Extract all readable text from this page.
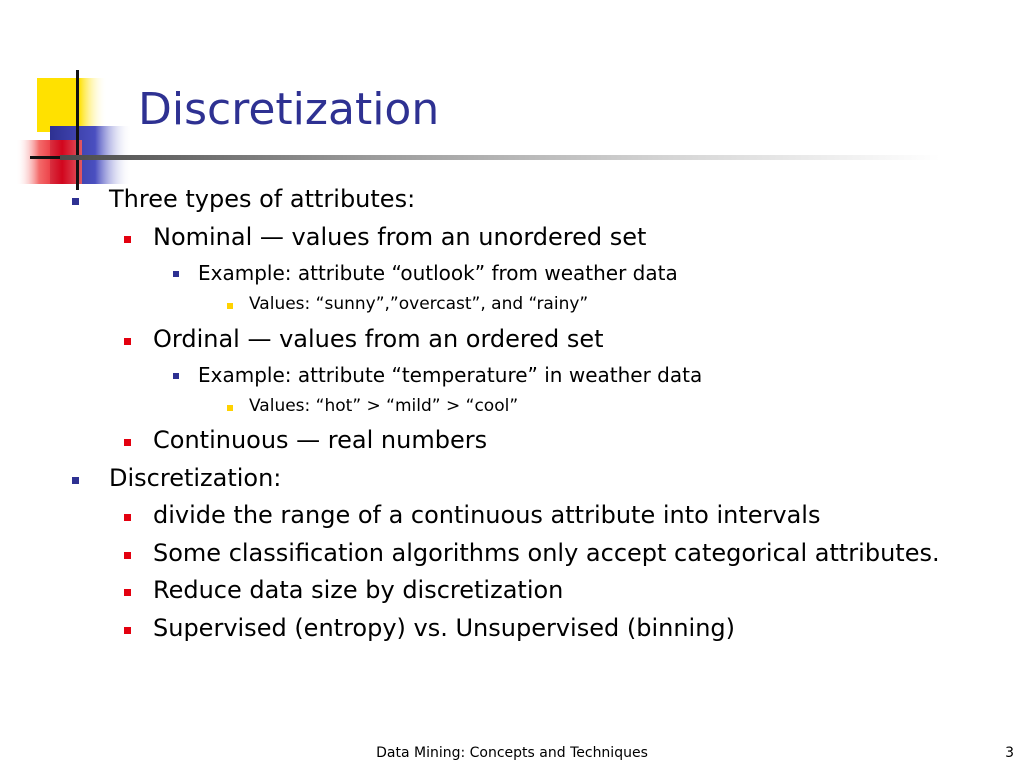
Discretization
Three types of attributes:
Nominal — values from an unordered set
Example: attribute “outlook” from weather data
Values: “sunny”,”overcast”, and “rainy”
Ordinal — values from an ordered set
Example: attribute “temperature” in weather data
Values: “hot” > “mild” > “cool”
Continuous — real numbers
Discretization:
divide the range of a continuous attribute into intervals
Some classification algorithms only accept categorical attributes.
Reduce data size by discretization
Supervised (entropy) vs. Unsupervised (binning)
Data Mining: Concepts and Techniques	3
